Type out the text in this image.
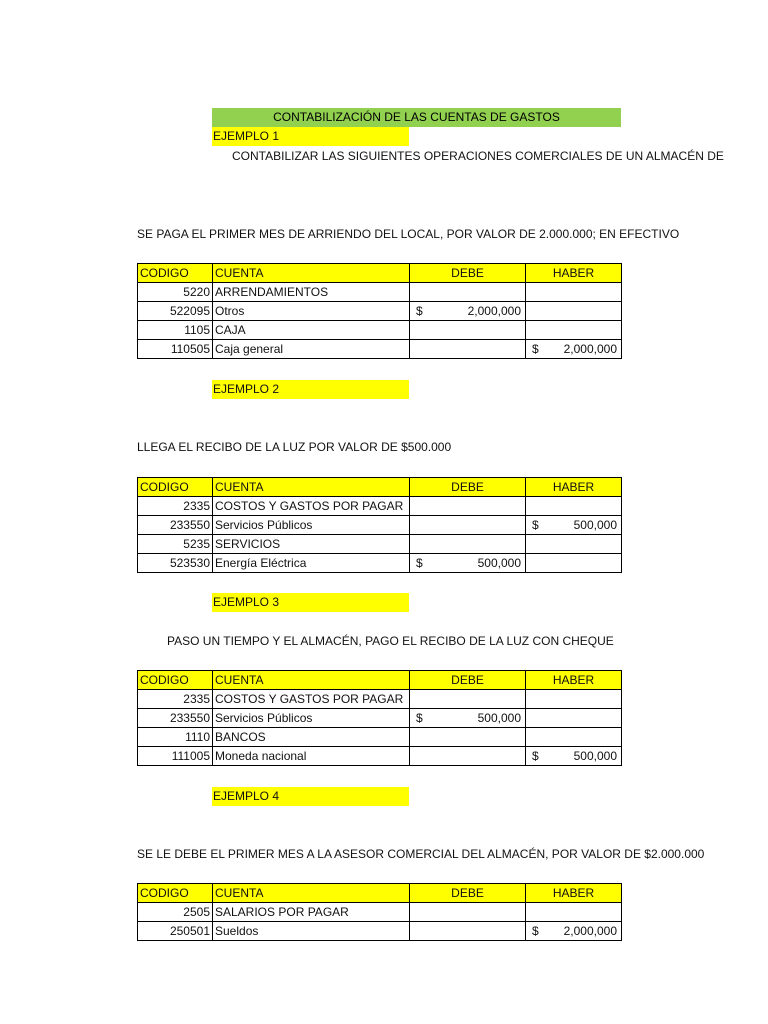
CONTABILIZACIÓN DE LAS CUENTAS DE GASTOS
EJEMPLO 1
CONTABILIZAR LAS SIGUIENTES OPERACIONES COMERCIALES DE UN ALMACÉN DE
SE PAGA EL PRIMER MES DE ARRIENDO DEL LOCAL, POR VALOR DE 2.000.000; EN EFECTIVO
CODIGO	CUENTA	DEBE	HABER
5220	ARRENDAMIENTOS		
522095	Otros	$ 2,000,000	

1105	CAJA		
110505	Caja general		$ 2,000,000
EJEMPLO 2
LLEGA EL RECIBO DE LA LUZ POR VALOR DE $500.000
CODIGO	CUENTA	DEBE	HABER
2335	COSTOS Y GASTOS POR PAGAR		
233550	Servicios Públicos		$ 500,000

5235	SERVICIOS		
523530	Energía Eléctrica	$ 500,000	

EJEMPLO 3
PASO UN TIEMPO Y EL ALMACÉN, PAGO EL RECIBO DE LA LUZ CON CHEQUE
CODIGO	CUENTA	DEBE	HABER
2335	COSTOS Y GASTOS POR PAGAR		
233550	Servicios Públicos	$ 500,000	

1110	BANCOS		
111005	Moneda nacional		$ 500,000
EJEMPLO 4
SE LE DEBE EL PRIMER MES A LA ASESOR COMERCIAL DEL ALMACÉN, POR VALOR DE $2.000.000
CODIGO	CUENTA	DEBE	HABER
2505	SALARIOS POR PAGAR		
250501	Sueldos		$ 2,000,000
